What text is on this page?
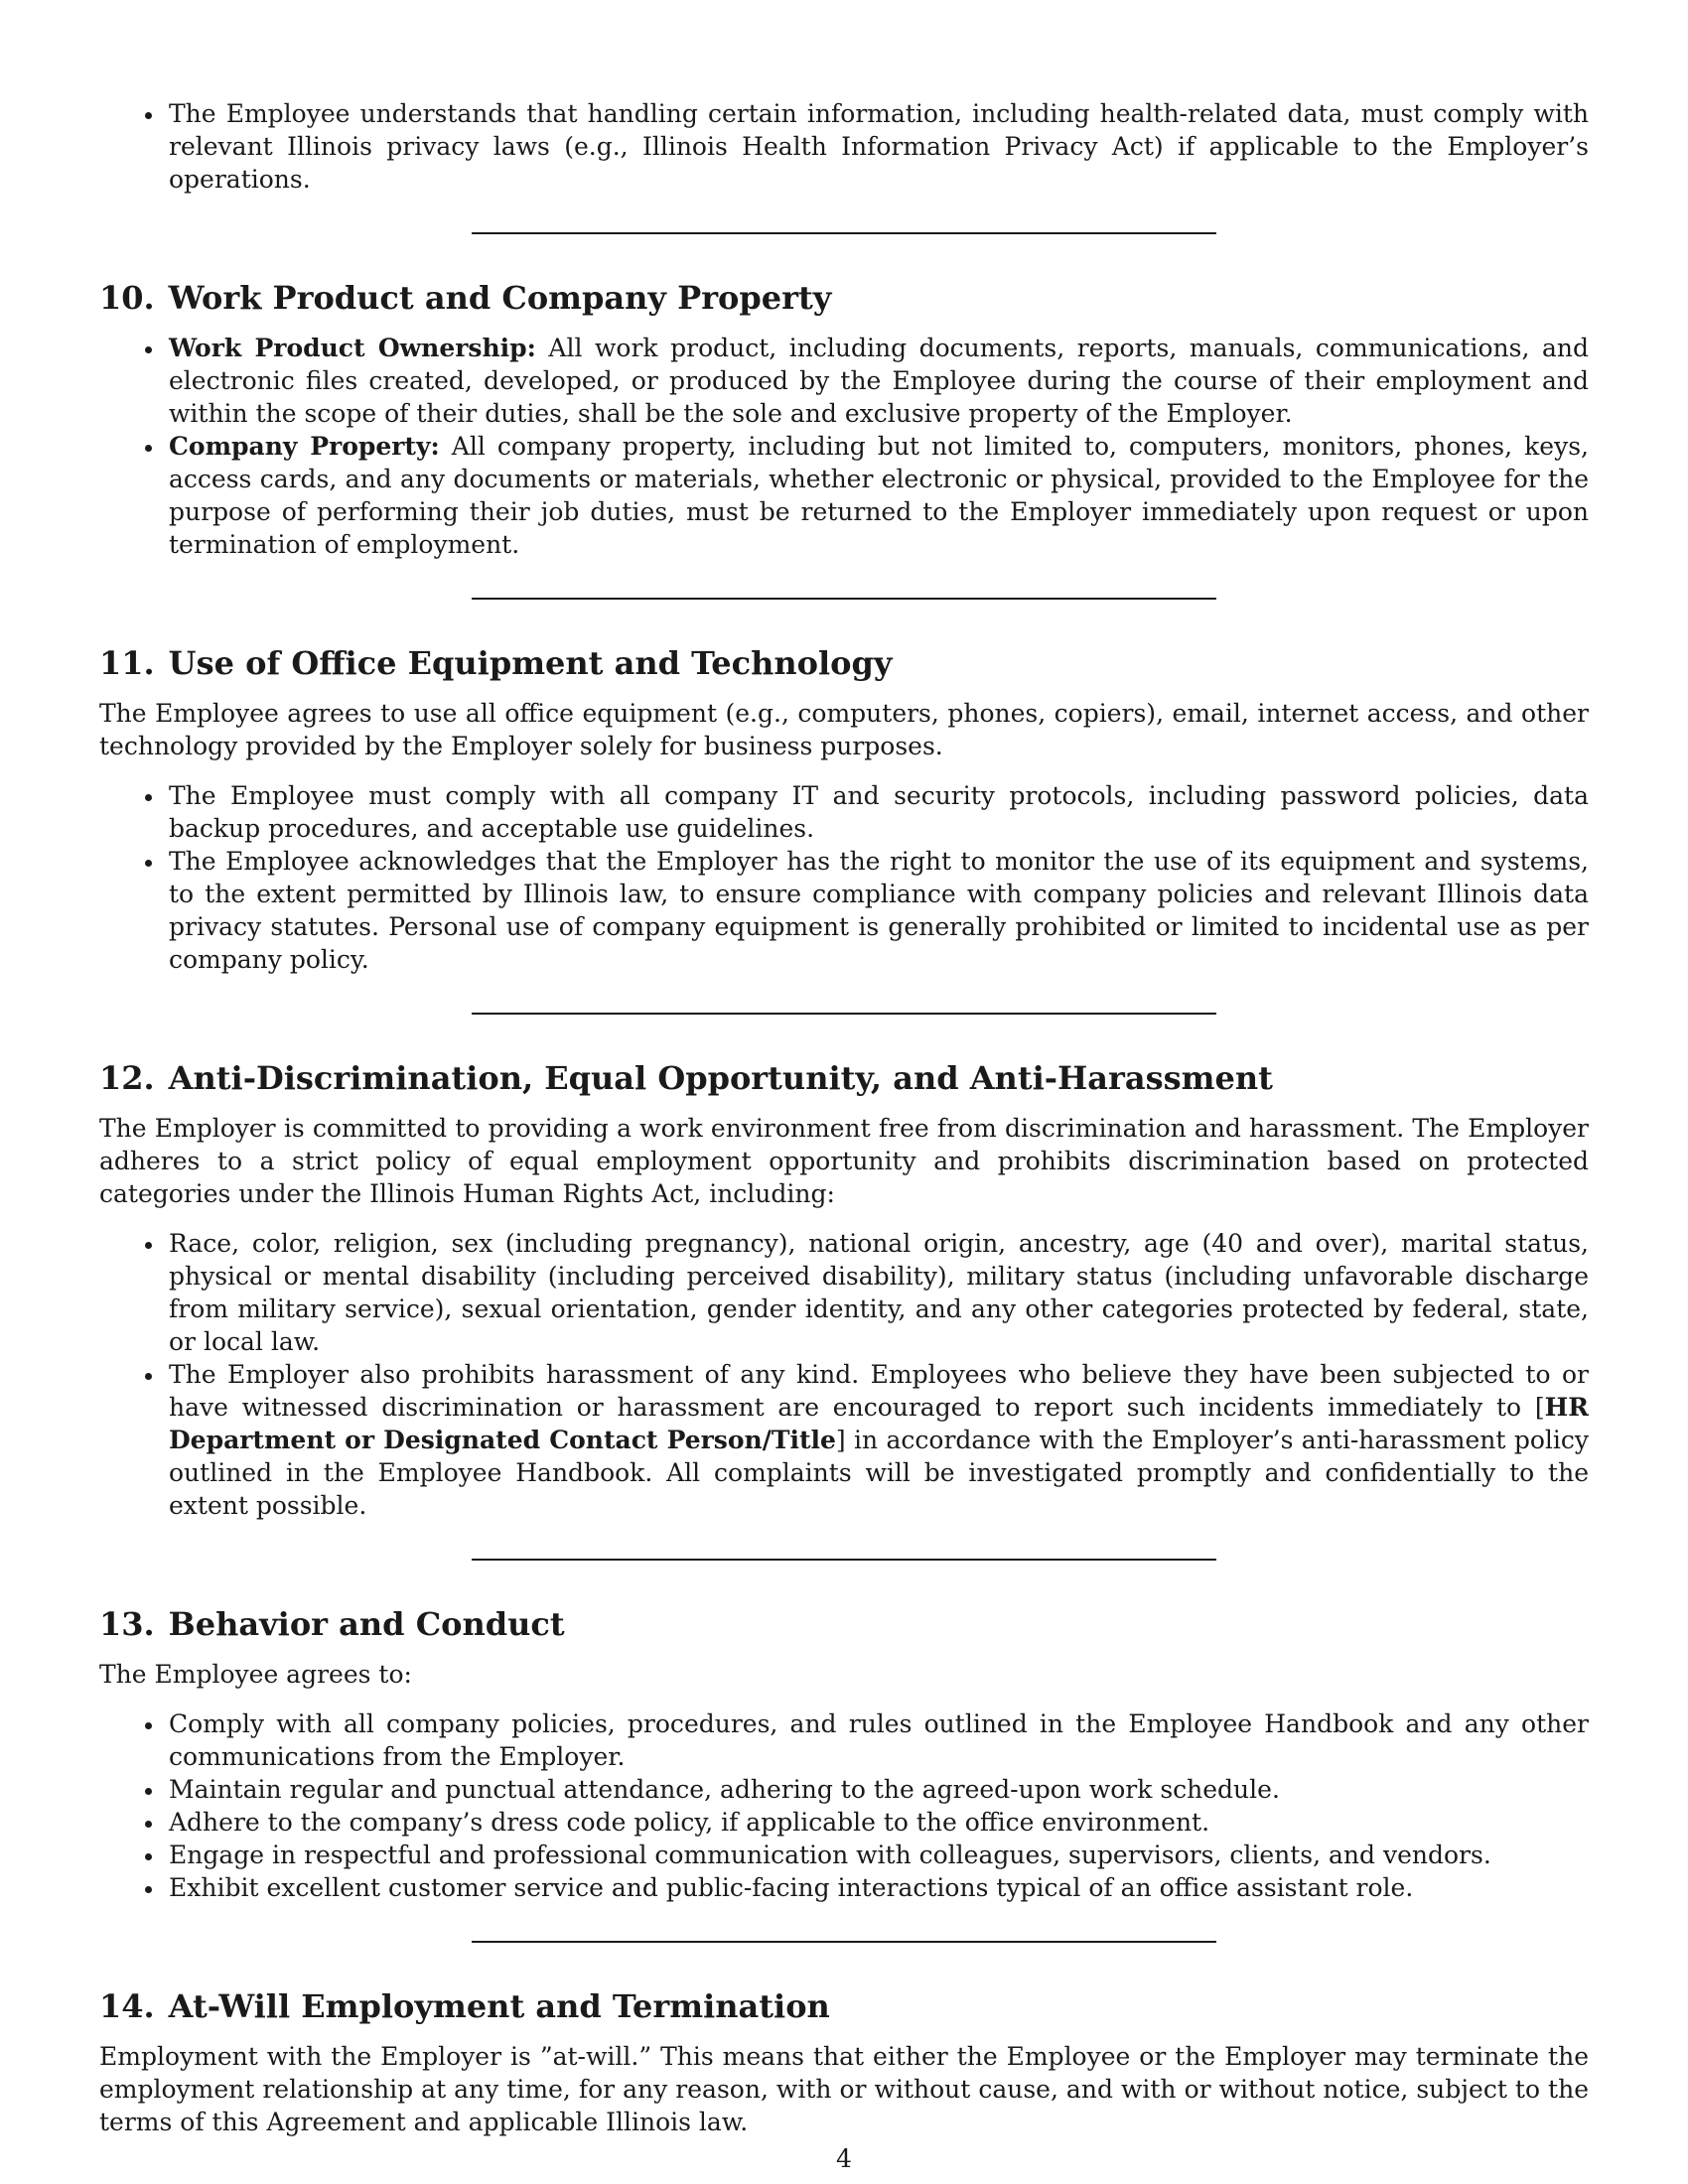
The Employee understands that handling certain information, including health-related data, must comply with relevant Illinois privacy laws (e.g., Illinois Health Information Privacy Act) if applicable to the Employer’s operations.
10. Work Product and Company Property
Work Product Ownership: All work product, including documents, reports, manuals, communications, and electronic files created, developed, or produced by the Employee during the course of their employment and within the scope of their duties, shall be the sole and exclusive property of the Employer.
Company Property: All company property, including but not limited to, computers, monitors, phones, keys, access cards, and any documents or materials, whether electronic or physical, provided to the Employee for the purpose of performing their job duties, must be returned to the Employer immediately upon request or upon termination of employment.
11. Use of Office Equipment and Technology

The Employee agrees to use all office equipment (e.g., computers, phones, copiers), email, internet access, and other technology provided by the Employer solely for business purposes.

The Employee must comply with all company IT and security protocols, including password policies, data backup procedures, and acceptable use guidelines.
The Employee acknowledges that the Employer has the right to monitor the use of its equipment and systems, to the extent permitted by Illinois law, to ensure compliance with company policies and relevant Illinois data privacy statutes. Personal use of company equipment is generally prohibited or limited to incidental use as per company policy.
12. Anti-Discrimination, Equal Opportunity, and Anti-Harassment

The Employer is committed to providing a work environment free from discrimination and harassment. The Employer adheres to a strict policy of equal employment opportunity and prohibits discrimination based on protected categories under the Illinois Human Rights Act, including:

Race, color, religion, sex (including pregnancy), national origin, ancestry, age (40 and over), marital status, physical or mental disability (including perceived disability), military status (including unfavorable discharge from military service), sexual orientation, gender identity, and any other categories protected by federal, state, or local law.
The Employer also prohibits harassment of any kind. Employees who believe they have been subjected to or have witnessed discrimination or harassment are encouraged to report such incidents immediately to [HR Department or Designated Contact Person/Title] in accordance with the Employer’s anti-harassment policy outlined in the Employee Handbook. All complaints will be investigated promptly and confidentially to the extent possible.
13. Behavior and Conduct

The Employee agrees to:

Comply with all company policies, procedures, and rules outlined in the Employee Handbook and any other communications from the Employer.
Maintain regular and punctual attendance, adhering to the agreed-upon work schedule.
Adhere to the company’s dress code policy, if applicable to the office environment.
Engage in respectful and professional communication with colleagues, supervisors, clients, and vendors.
Exhibit excellent customer service and public-facing interactions typical of an office assistant role.
14. At-Will Employment and Termination

Employment with the Employer is ”at-will.” This means that either the Employee or the Employer may terminate the employment relationship at any time, for any reason, with or without cause, and with or without notice, subject to the terms of this Agreement and applicable Illinois law.

4
